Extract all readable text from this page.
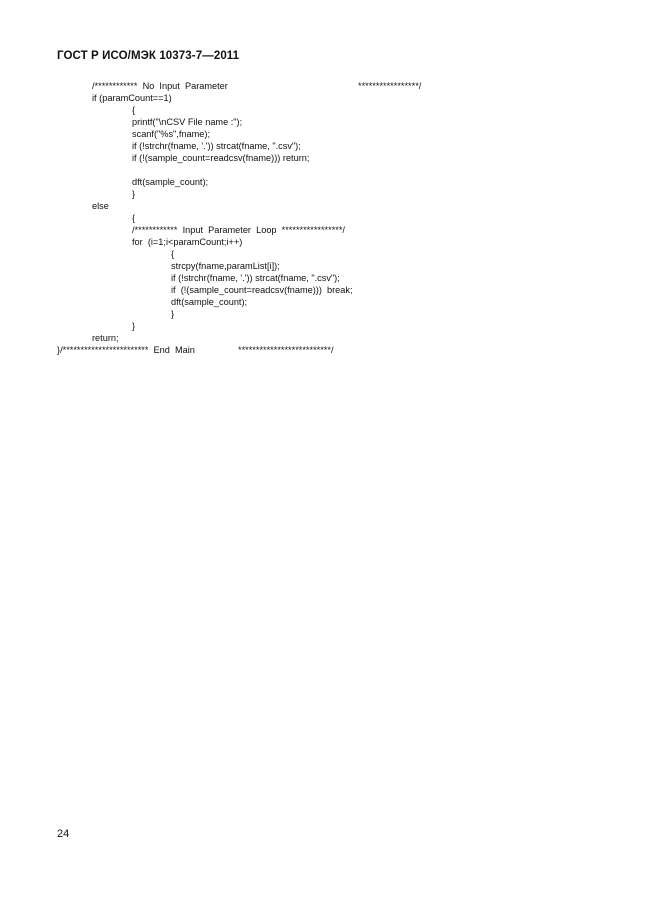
ГОСТ Р ИСО/МЭК 10373-7—2011
/************  No  Input  Parameter	*****************/
if (paramCount==1)
{
printf("\nCSV File name :");
scanf("%s",fname);
if (!strchr(fname, '.')) strcat(fname, ".csv");
if (!(sample_count=readcsv(fname))) return;
dft(sample_count);
}
else
{
/************  Input  Parameter  Loop  *****************/
for  (i=1;i<paramCount;i++)
{
strcpy(fname,paramList[i]);
if (!strchr(fname, '.')) strcat(fname, ".csv");
if  (!(sample_count=readcsv(fname)))  break;
dft(sample_count);
}
}
return;
}/************************  End  Main	**************************/
24
